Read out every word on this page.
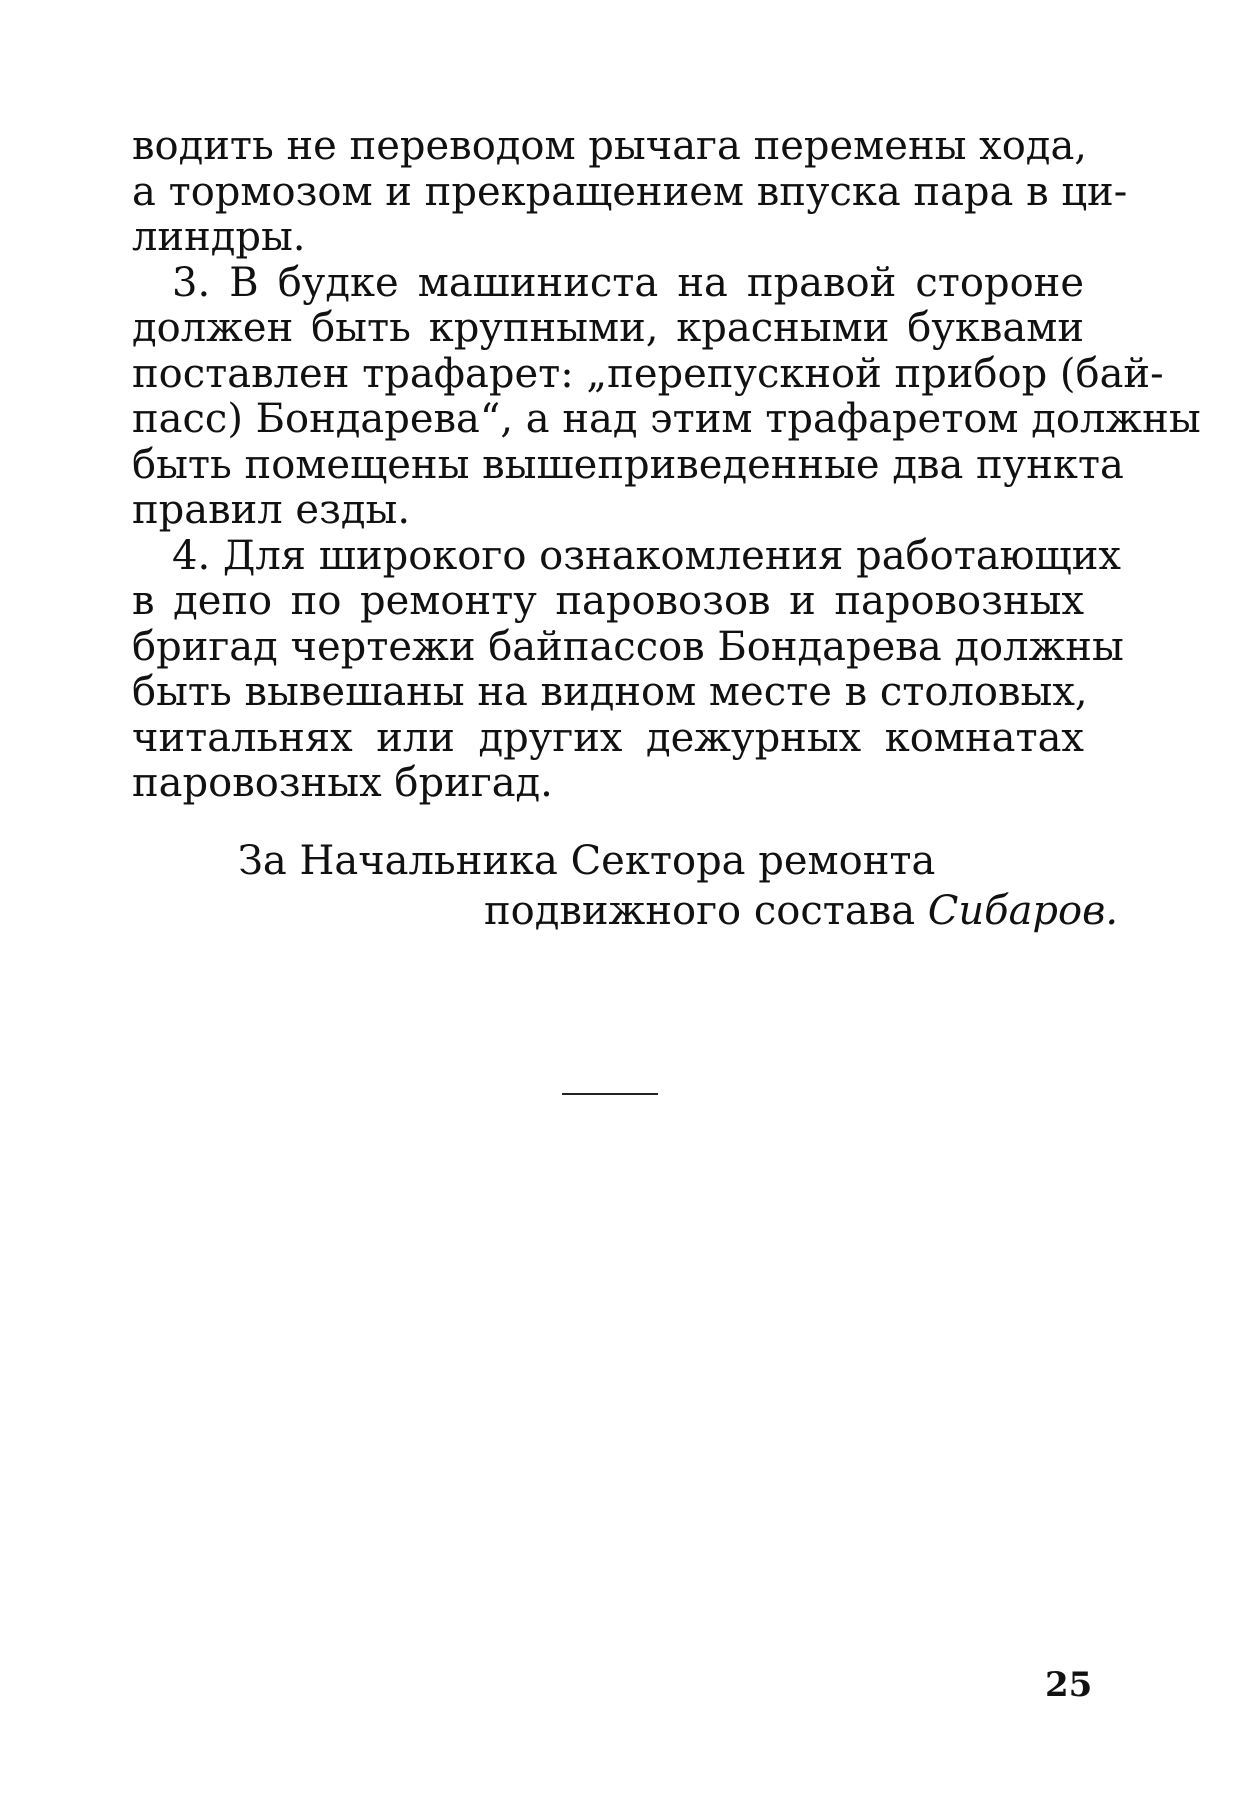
водить не переводом рычага перемены хода,
а тормозом и прекращением впуска пара в ци-
линдры.
3. В будке машиниста на правой стороне
должен быть крупными, красными буквами
поставлен трафарет: „перепускной прибор (бай-
пасс) Бондарева“, а над этим трафаретом должны
быть помещены вышеприведенные два пункта
правил езды.
4. Для широкого ознакомления работающих
в депо по ремонту паровозов и паровозных
бригад чертежи байпассов Бондарева должны
быть вывешаны на видном месте в столовых,
читальнях или других дежурных комнатах
паровозных бригад.
За Начальника Сектора ремонта
подвижного состава Сибаров.
25
